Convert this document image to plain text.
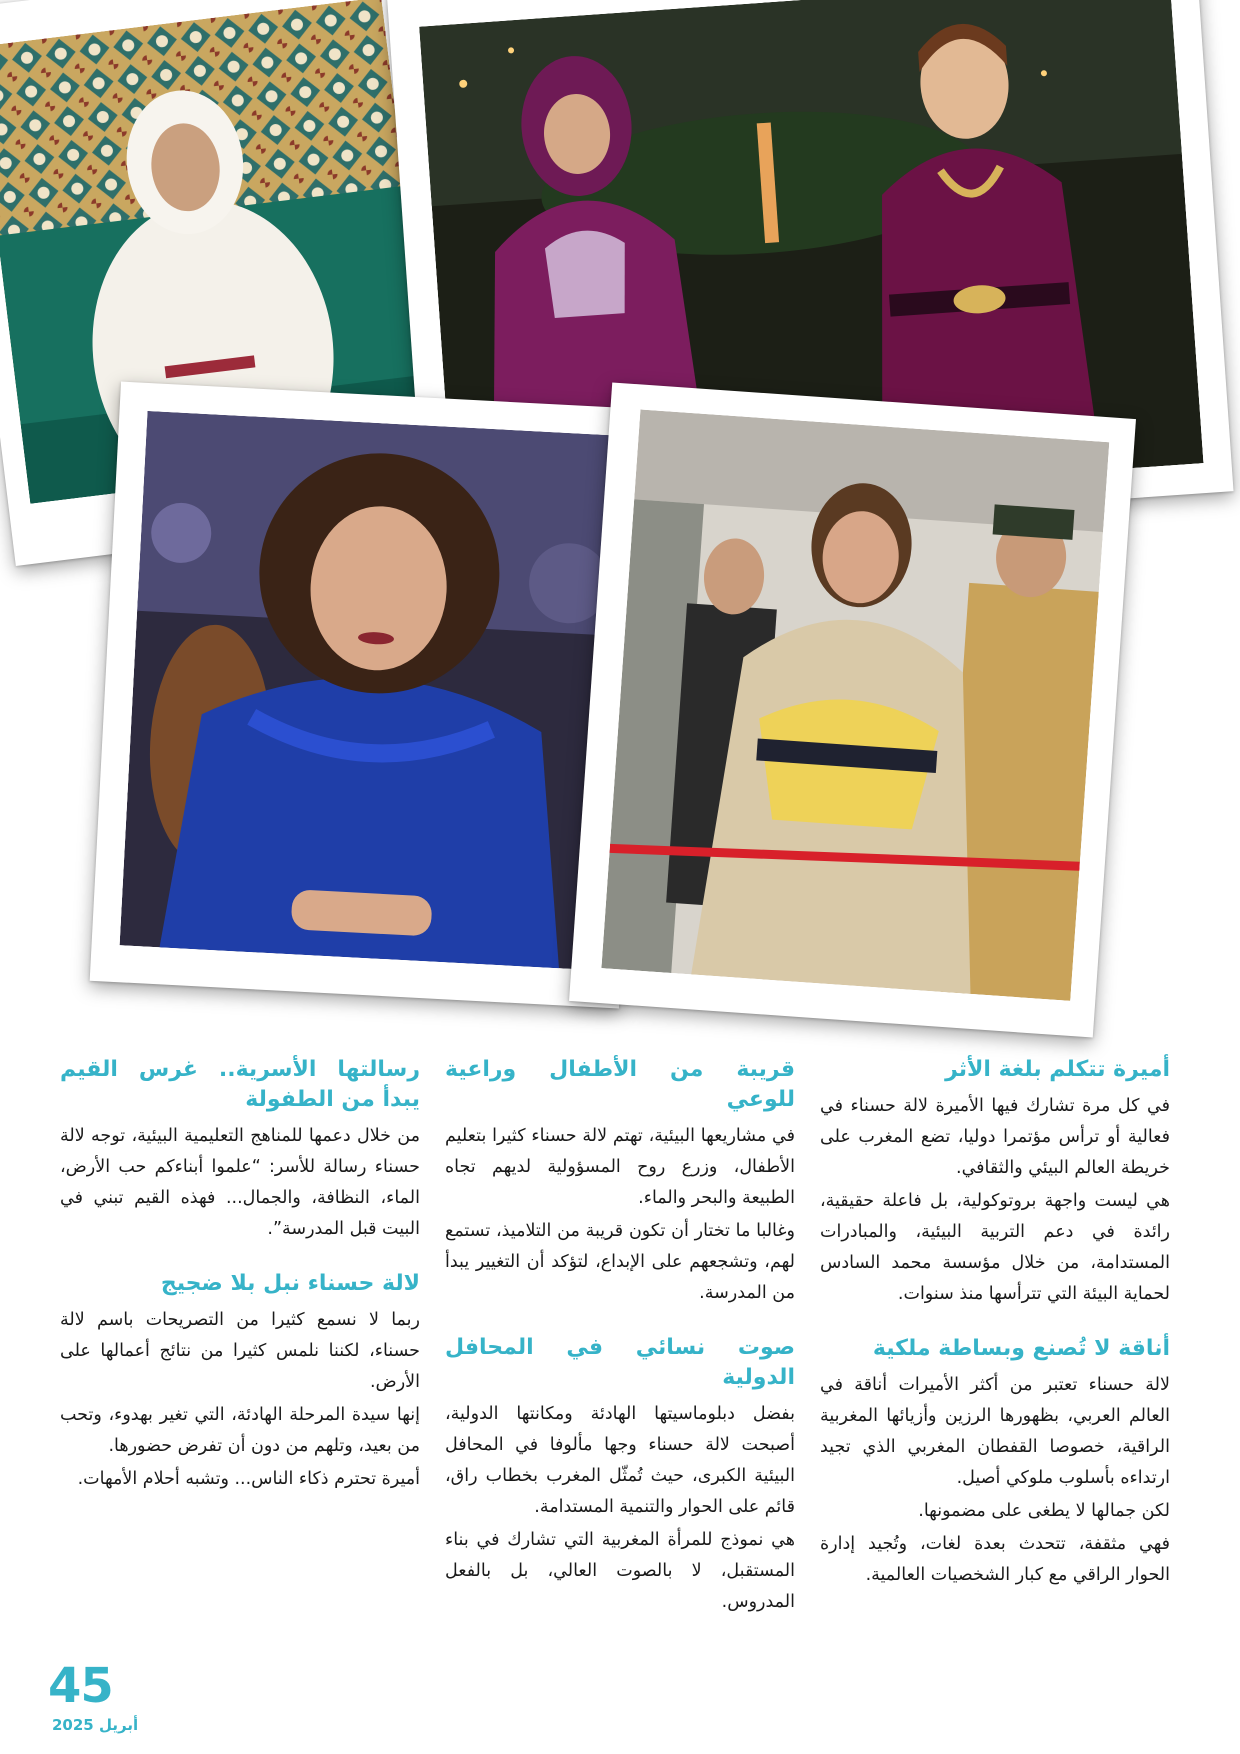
أميرة تتكلم بلغة الأثر

في كل مرة تشارك فيها الأميرة لالة حسناء في فعالية أو ترأس مؤتمرا دوليا، تضع المغرب على خريطة العالم البيئي والثقافي.

هي ليست واجهة بروتوكولية، بل فاعلة حقيقية، رائدة في دعم التربية البيئية، والمبادرات المستدامة، من خلال مؤسسة محمد السادس لحماية البيئة التي تترأسها منذ سنوات.

أناقة لا تُصنع وبساطة ملكية

لالة حسناء تعتبر من أكثر الأميرات أناقة في العالم العربي، بظهورها الرزين وأزيائها المغربية الراقية، خصوصا القفطان المغربي الذي تجيد ارتداءه بأسلوب ملوكي أصيل.

لكن جمالها لا يطغى على مضمونها.

فهي مثقفة، تتحدث بعدة لغات، وتُجيد إدارة الحوار الراقي مع كبار الشخصيات العالمية.

قريبة من الأطفال وراعية للوعي

في مشاريعها البيئية، تهتم لالة حسناء كثيرا بتعليم الأطفال، وزرع روح المسؤولية لديهم تجاه الطبيعة والبحر والماء.

وغالبا ما تختار أن تكون قريبة من التلاميذ، تستمع لهم، وتشجعهم على الإبداع، لتؤكد أن التغيير يبدأ من المدرسة.

صوت نسائي في المحافل الدولية

بفضل دبلوماسيتها الهادئة ومكانتها الدولية، أصبحت لالة حسناء وجها مألوفا في المحافل البيئية الكبرى، حيث تُمثّل المغرب بخطاب راق، قائم على الحوار والتنمية المستدامة.

هي نموذج للمرأة المغربية التي تشارك في بناء المستقبل، لا بالصوت العالي، بل بالفعل المدروس.

رسالتها الأسرية.. غرس القيم يبدأ من الطفولة

من خلال دعمها للمناهج التعليمية البيئية، توجه لالة حسناء رسالة للأسر: “علموا أبناءكم حب الأرض، الماء، النظافة، والجمال... فهذه القيم تبني في البيت قبل المدرسة”.

لالة حسناء نبل بلا ضجيج

ربما لا نسمع كثيرا من التصريحات باسم لالة حسناء، لكننا نلمس كثيرا من نتائج أعمالها على الأرض.

إنها سيدة المرحلة الهادئة، التي تغير بهدوء، وتحب من بعيد، وتلهم من دون أن تفرض حضورها.

أميرة تحترم ذكاء الناس... وتشبه أحلام الأمهات.

45
أبريل 2025
